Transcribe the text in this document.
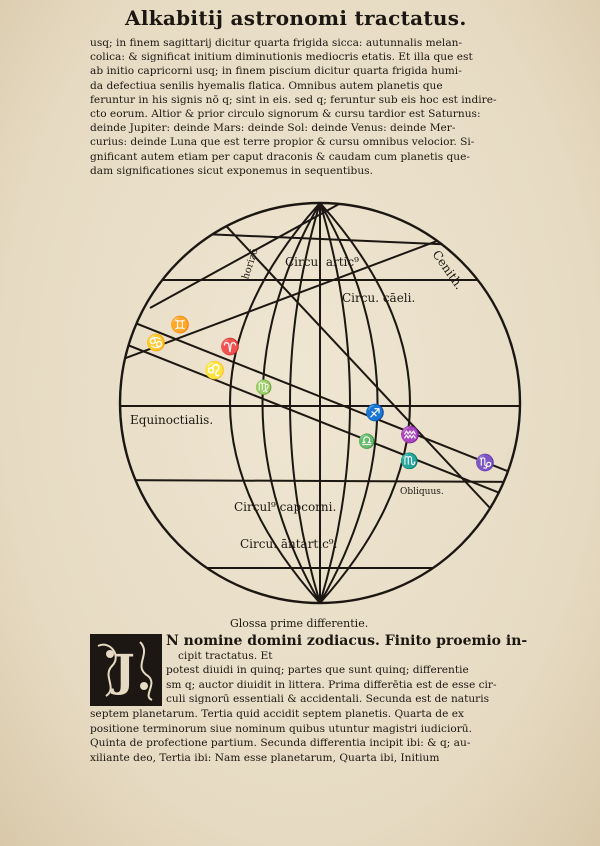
Alkabitij astronomi tractatus.
usq; in finem sagittarij dicitur quarta frigida sicca: autunnalis melan-
colica: & significat initium diminutionis mediocris etatis. Et illa que est
ab initio capricorni usq; in finem piscium dicitur quarta frigida humi-
da defectiua senilis hyemalis flatica. Omnibus autem planetis que
feruntur in his signis nō q; sint in eis. sed q; feruntur sub eis hoc est indire-
cto eorum. Altior & prior circulo signorum & cursu tardior est Saturnus:
deinde Jupiter: deinde Mars: deinde Sol: deinde Venus: deinde Mer-
curius: deinde Luna que est terre propior & cursu omnibus velocior. Si-
gnificant autem etiam per caput draconis & caudam cum planetis que-
dam significationes sicut exponemus in sequentibus.
horizō Circu. artic⁹	Cenith.
Circu. cāeli.
Equinoctialis.
Circul⁹ capcorni.
Circu. āntartic⁹.
Obliquus.
♊
♋
♌
♈
♍
♐
♒
♎
♏	♑
Glossa prime differentie.
J
N nomine domini zodiacus. Finito proemio in-
cipit tractatus. Et
potest diuidi in quinq; partes que sunt quinq; differentie
sm q; auctor diuidit in littera. Prima differētia est de esse cir-
culi signorū essentiali & accidentali. Secunda est de naturis
septem planetarum. Tertia quid accidit septem planetis. Quarta de ex
positione terminorum siue nominum quibus utuntur magistri iudiciorū.
Quinta de profectione partium. Secunda differentia incipit ibi: & q; au-
xiliante deo, Tertia ibi: Nam esse planetarum, Quarta ibi, Initium
